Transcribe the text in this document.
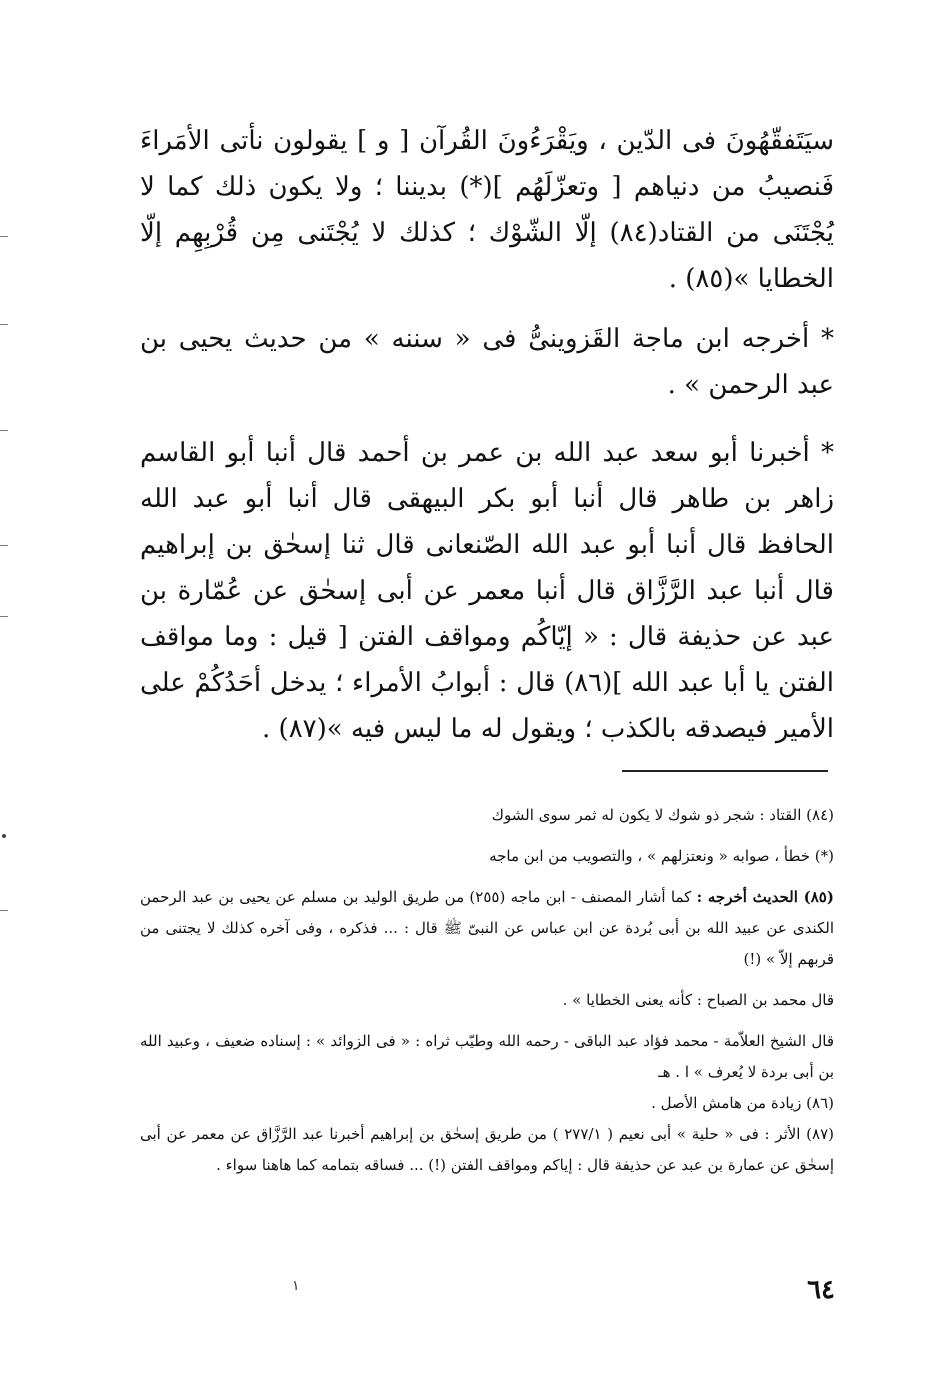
سيَتَفقّهُونَ فى الدّين ، ويَقْرَءُونَ القُرآن [ و ] يقولون نأتى الأمَراءَ فَنصيبُ من دنياهم [ وتعزّلَهُم ](*) بديننا ؛ ولا يكون ذلك كما لا يُجْتَنَى من القتاد(٨٤) إلّا الشّوْك ؛ كذلك لا يُجْتَنى مِن قُرْبِهِم إلّا الخطايا »(٨٥) .

* أخرجه ابن ماجة القَزوينىُّ فى « سننه » من حديث يحيى بن عبد الرحمن » .

* أخبرنا أبو سعد عبد الله بن عمر بن أحمد قال أنبا أبو القاسم زاهر بن طاهر قال أنبا أبو بكر البيهقى قال أنبا أبو عبد الله الحافظ قال أنبا أبو عبد الله الصّنعانى قال ثنا إسحٰق بن إبراهيم قال أنبا عبد الرَّزَّاق قال أنبا معمر عن أبى إسحٰق عن عُمّارة بن عبد عن حذيفة قال : « إيّاكُم ومواقف الفتن [ قيل : وما مواقف الفتن يا أبا عبد الله ](٨٦) قال : أبوابُ الأمراء ؛ يدخل أحَدُكُمْ على الأمير فيصدقه بالكذب ؛ ويقول له ما ليس فيه »(٨٧) .

(٨٤) القتاد : شجر ذو شوك لا يكون له ثمر سوى الشوك

(*) خطأ ، صوابه « ونعتزلهم » ، والتصويب من ابن ماجه

(٨٥) الحديث أخرجه : كما أشار المصنف - ابن ماجه (٢٥٥) من طريق الوليد بن مسلم عن يحيى بن عبد الرحمن الكندى عن عبيد الله بن أبى بُردة عن ابن عباس عن النبىّ ﷺ قال : ... فذكره ، وفى آخره كذلك لا يجتنى من قربهم إلاّ » (!)

قال محمد بن الصباح : كأنه يعنى الخطايا » .

قال الشيخ العلاّمة - محمد فؤاد عبد الباقى - رحمه الله وطيّب ثراه : « فى الزوائد » : إسناده ضعيف ، وعبيد الله بن أبى بردة لا يُعرف » ا . هـ

(٨٦) زيادة من هامش الأصل .

(٨٧) الأثر : فى « حلية » أبى نعيم ( ٢٧٧/١ ) من طريق إسحٰق بن إبراهيم أخبرنا عبد الرَّزَّاق عن معمر عن أبى إسحٰق عن عمارة بن عبد عن حذيفة قال : إياكم ومواقف الفتن (!) ... فساقه بتمامه كما هاهنا سواء .

١	٦٤
